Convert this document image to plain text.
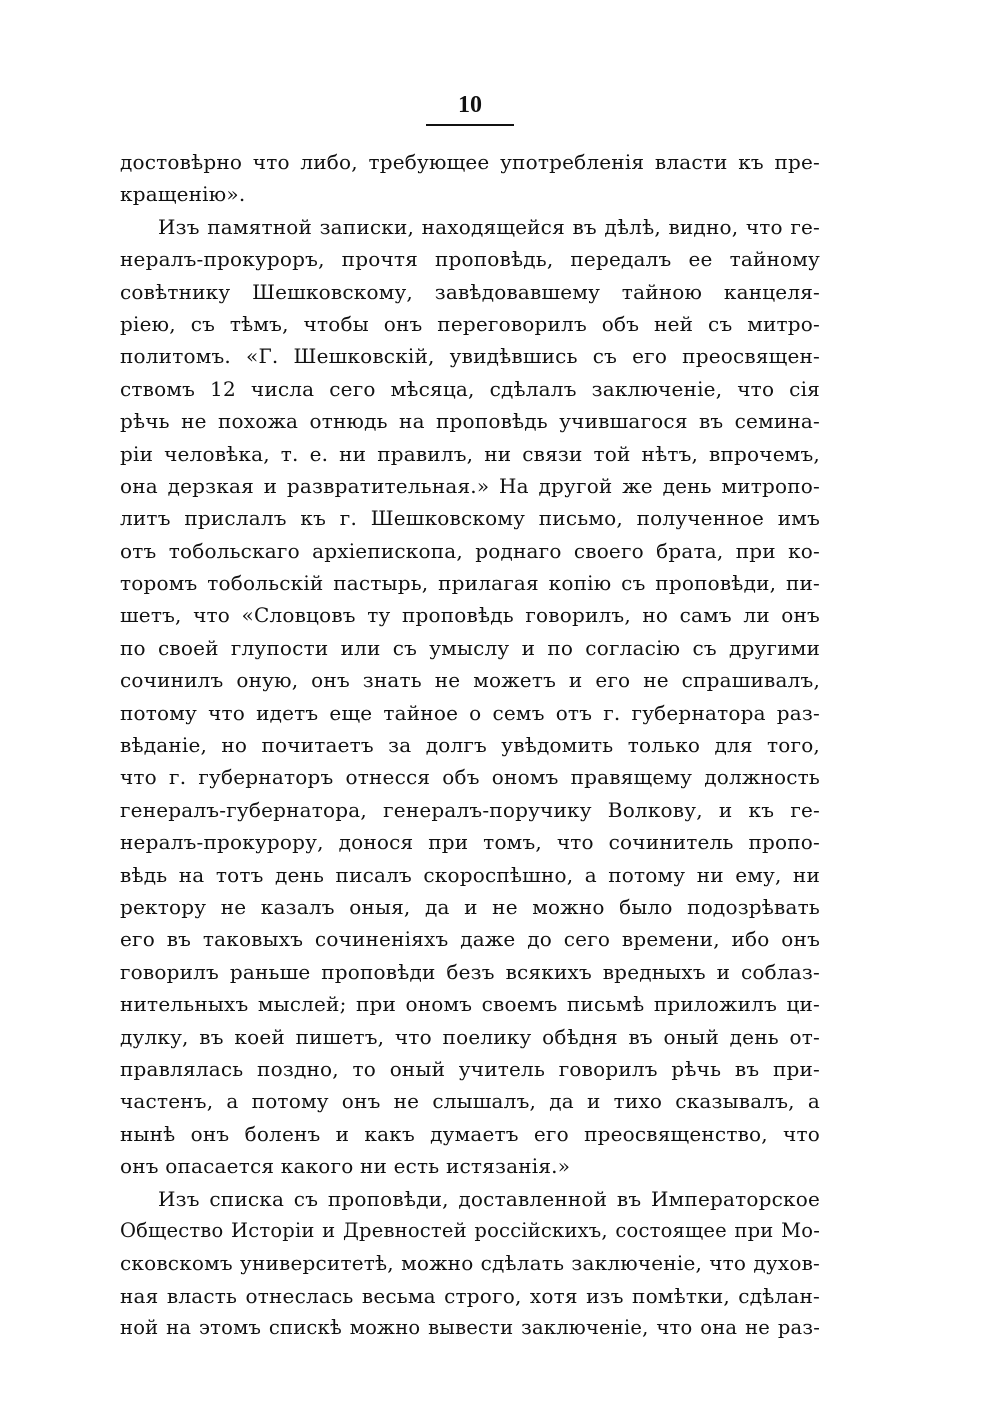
10
достовѣрно что либо, требующее употребленія власти къ пре-
кращенію».
Изъ памятной записки, находящейся въ дѣлѣ, видно, что ге-
нералъ-прокуроръ, прочтя проповѣдь, передалъ ее тайному
совѣтнику Шешковскому, завѣдовавшему тайною канцеля-
ріею, съ тѣмъ, чтобы онъ переговорилъ объ ней съ митро-
политомъ. «Г. Шешковскій, увидѣвшись съ его преосвящен-
ствомъ 12 числа сего мѣсяца, сдѣлалъ заключеніе, что сія
рѣчь не похожа отнюдь на проповѣдь учившагося въ семина-
ріи человѣка, т. е. ни правилъ, ни связи той нѣтъ, впрочемъ,
она дерзкая и развратительная.» На другой же день митропо-
литъ прислалъ къ г. Шешковскому письмо, полученное имъ
отъ тобольскаго архіепископа, роднаго своего брата, при ко-
торомъ тобольскій пастырь, прилагая копію съ проповѣди, пи-
шетъ, что «Словцовъ ту проповѣдь говорилъ, но самъ ли онъ
по своей глупости или съ умыслу и по согласію съ другими
сочинилъ оную, онъ знать не можетъ и его не спрашивалъ,
потому что идетъ еще тайное о семъ отъ г. губернатора раз-
вѣданіе, но почитаетъ за долгъ увѣдомить только для того,
что г. губернаторъ отнесся объ ономъ правящему должность
генералъ-губернатора, генералъ-поручику Волкову, и къ ге-
нералъ-прокурору, донося при томъ, что сочинитель пропо-
вѣдь на тотъ день писалъ скороспѣшно, а потому ни ему, ни
ректору не казалъ оныя, да и не можно было подозрѣвать
его въ таковыхъ сочиненіяхъ даже до сего времени, ибо онъ
говорилъ раньше проповѣди безъ всякихъ вредныхъ и соблаз-
нительныхъ мыслей; при ономъ своемъ письмѣ приложилъ ци-
дулку, въ коей пишетъ, что поелику обѣдня въ оный день от-
правлялась поздно, то оный учитель говорилъ рѣчь въ при-
частенъ, а потому онъ не слышалъ, да и тихо сказывалъ, а
нынѣ онъ боленъ и какъ думаетъ его преосвященство, что
онъ опасается какого ни есть истязанія.»
Изъ списка съ проповѣди, доставленной въ Императорское
Общество Исторіи и Древностей россійскихъ, состоящее при Мо-
сковскомъ университетѣ, можно сдѣлать заключеніе, что духов-
ная власть отнеслась весьма строго, хотя изъ помѣтки, сдѣлан-
ной на этомъ спискѣ можно вывести заключеніе, что она не раз-
